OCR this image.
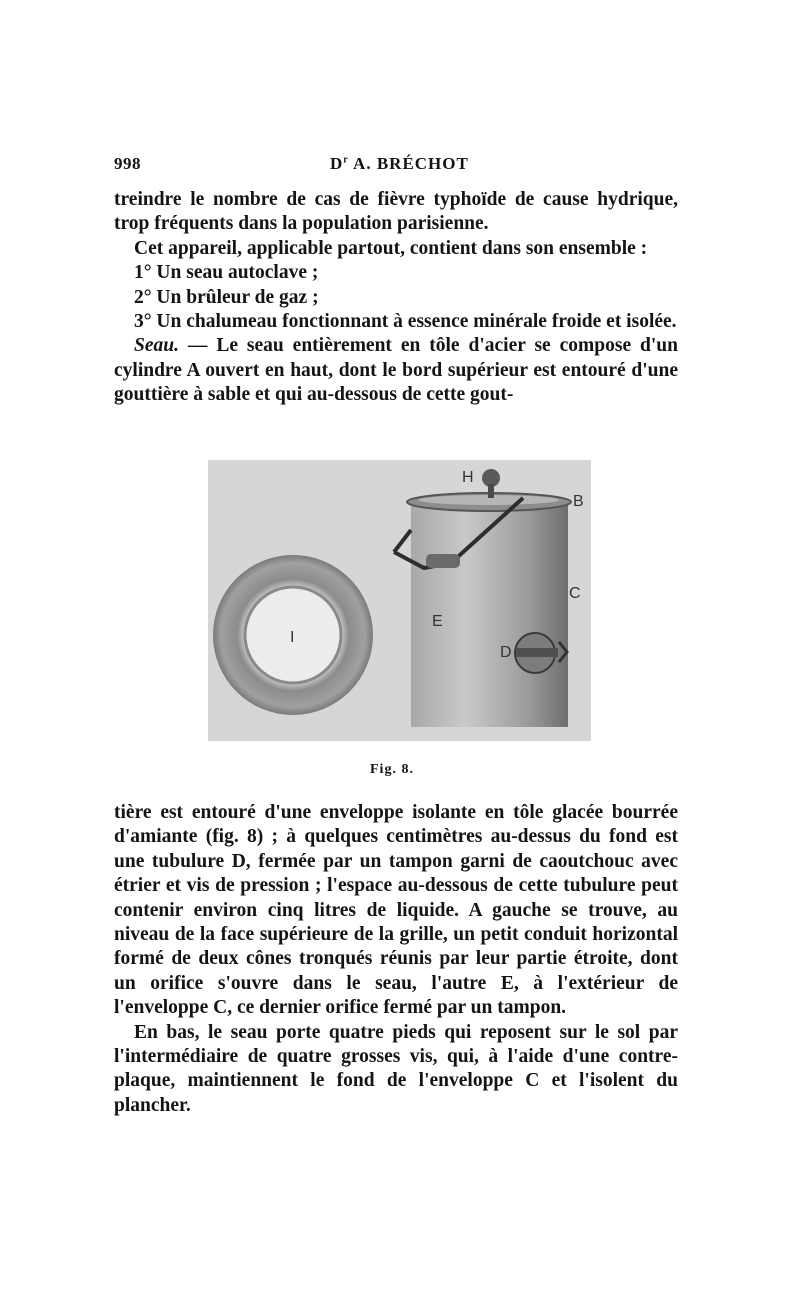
998	$D^r$ A. BRÉCHOT

treindre le nombre de cas de fièvre typhoïde de cause hydrique, trop fréquents dans la population parisienne.

Cet appareil, applicable partout, contient dans son ensemble :

1° Un seau autoclave ;

2° Un brûleur de gaz ;

3° Un chalumeau fonctionnant à essence minérale froide et isolée.

Seau. — Le seau entièrement en tôle d'acier se compose d'un cylindre A ouvert en haut, dont le bord supérieur est entouré d'une gouttière à sable et qui au-dessous de cette gout-

I
H
B
C
E
D
Fig. 8.

tière est entouré d'une enveloppe isolante en tôle glacée bourrée d'amiante (fig. 8) ; à quelques centimètres au-dessus du fond est une tubulure D, fermée par un tampon garni de caoutchouc avec étrier et vis de pression ; l'espace au-dessous de cette tubulure peut contenir environ cinq litres de liquide. A gauche se trouve, au niveau de la face supérieure de la grille, un petit conduit horizontal formé de deux cônes tronqués réunis par leur partie étroite, dont un orifice s'ouvre dans le seau, l'autre E, à l'extérieur de l'enveloppe C, ce dernier orifice fermé par un tampon.

En bas, le seau porte quatre pieds qui reposent sur le sol par l'intermédiaire de quatre grosses vis, qui, à l'aide d'une contre-plaque, maintiennent le fond de l'enveloppe C et l'isolent du plancher.
